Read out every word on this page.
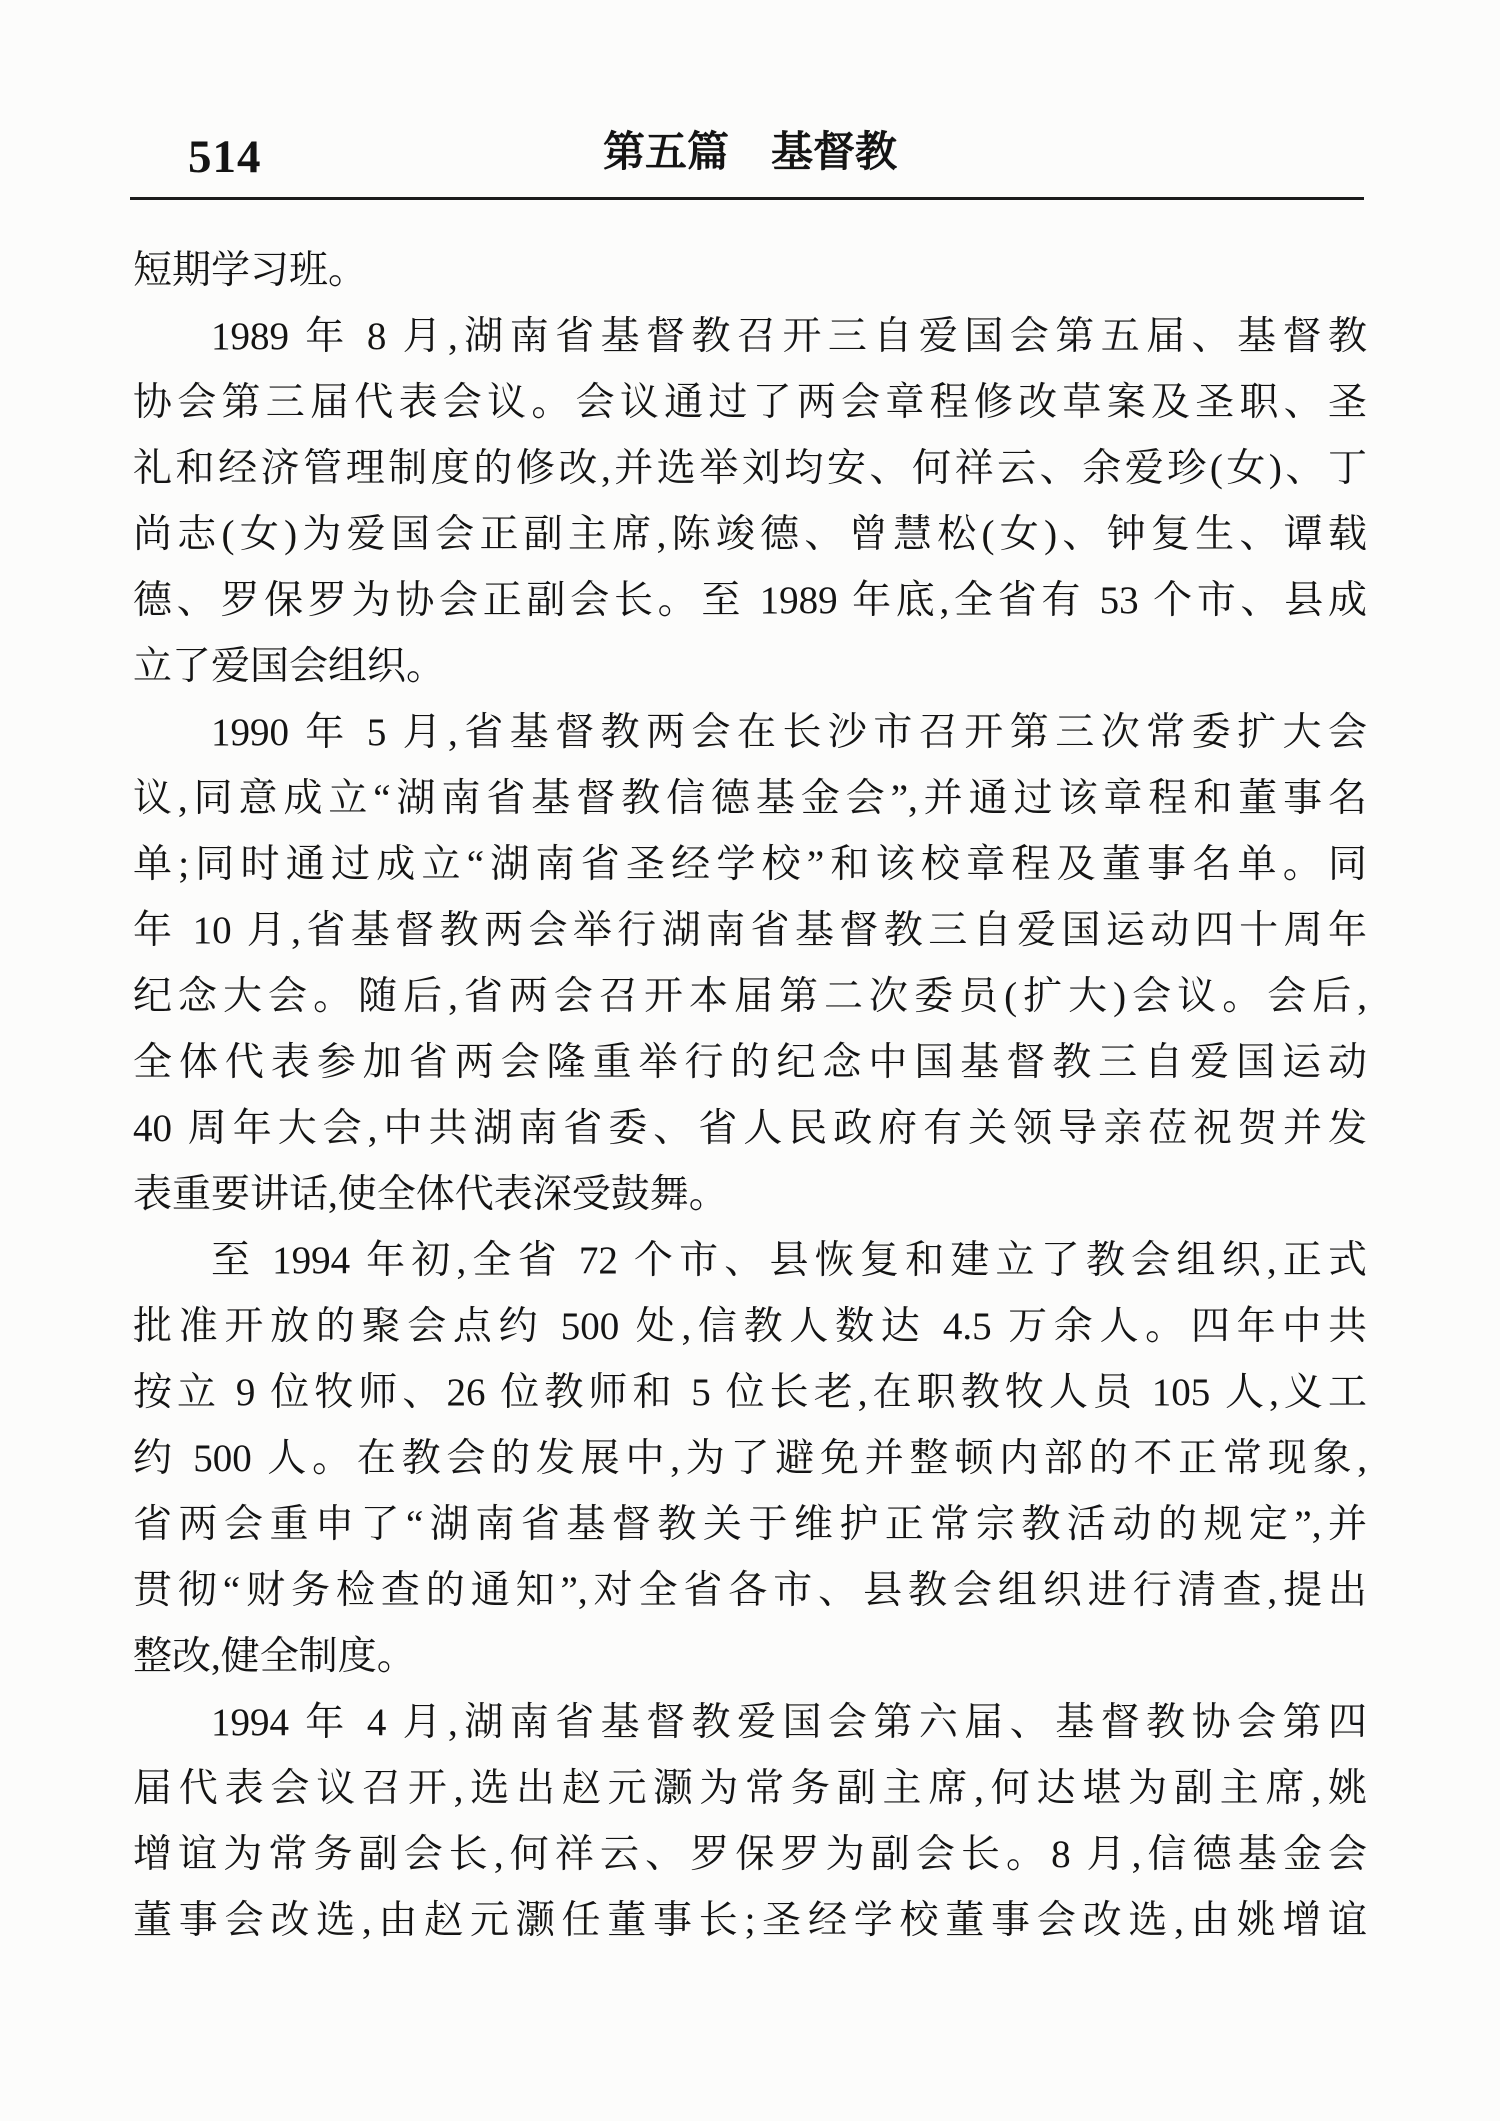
514	第五篇　基督教
短期学习班。
1989 年 8 月,湖南省基督教召开三自爱国会第五届、基督教
协会第三届代表会议。会议通过了两会章程修改草案及圣职、圣
礼和经济管理制度的修改,并选举刘均安、何祥云、余爱珍(女)、丁
尚志(女)为爱国会正副主席,陈竣德、曾慧松(女)、钟复生、谭载
德、罗保罗为协会正副会长。至 1989 年底,全省有 53 个市、县成
立了爱国会组织。
1990 年 5 月,省基督教两会在长沙市召开第三次常委扩大会
议,同意成立“湖南省基督教信德基金会”,并通过该章程和董事名
单;同时通过成立“湖南省圣经学校”和该校章程及董事名单。同
年 10 月,省基督教两会举行湖南省基督教三自爱国运动四十周年
纪念大会。随后,省两会召开本届第二次委员(扩大)会议。会后,
全体代表参加省两会隆重举行的纪念中国基督教三自爱国运动
40 周年大会,中共湖南省委、省人民政府有关领导亲莅祝贺并发
表重要讲话,使全体代表深受鼓舞。
至 1994 年初,全省 72 个市、县恢复和建立了教会组织,正式
批准开放的聚会点约 500 处,信教人数达 4.5 万余人。四年中共
按立 9 位牧师、26 位教师和 5 位长老,在职教牧人员 105 人,义工
约 500 人。在教会的发展中,为了避免并整顿内部的不正常现象,
省两会重申了“湖南省基督教关于维护正常宗教活动的规定”,并
贯彻“财务检查的通知”,对全省各市、县教会组织进行清查,提出
整改,健全制度。
1994 年 4 月,湖南省基督教爱国会第六届、基督教协会第四
届代表会议召开,选出赵元灏为常务副主席,何达堪为副主席,姚
增谊为常务副会长,何祥云、罗保罗为副会长。8 月,信德基金会
董事会改选,由赵元灏任董事长;圣经学校董事会改选,由姚增谊
